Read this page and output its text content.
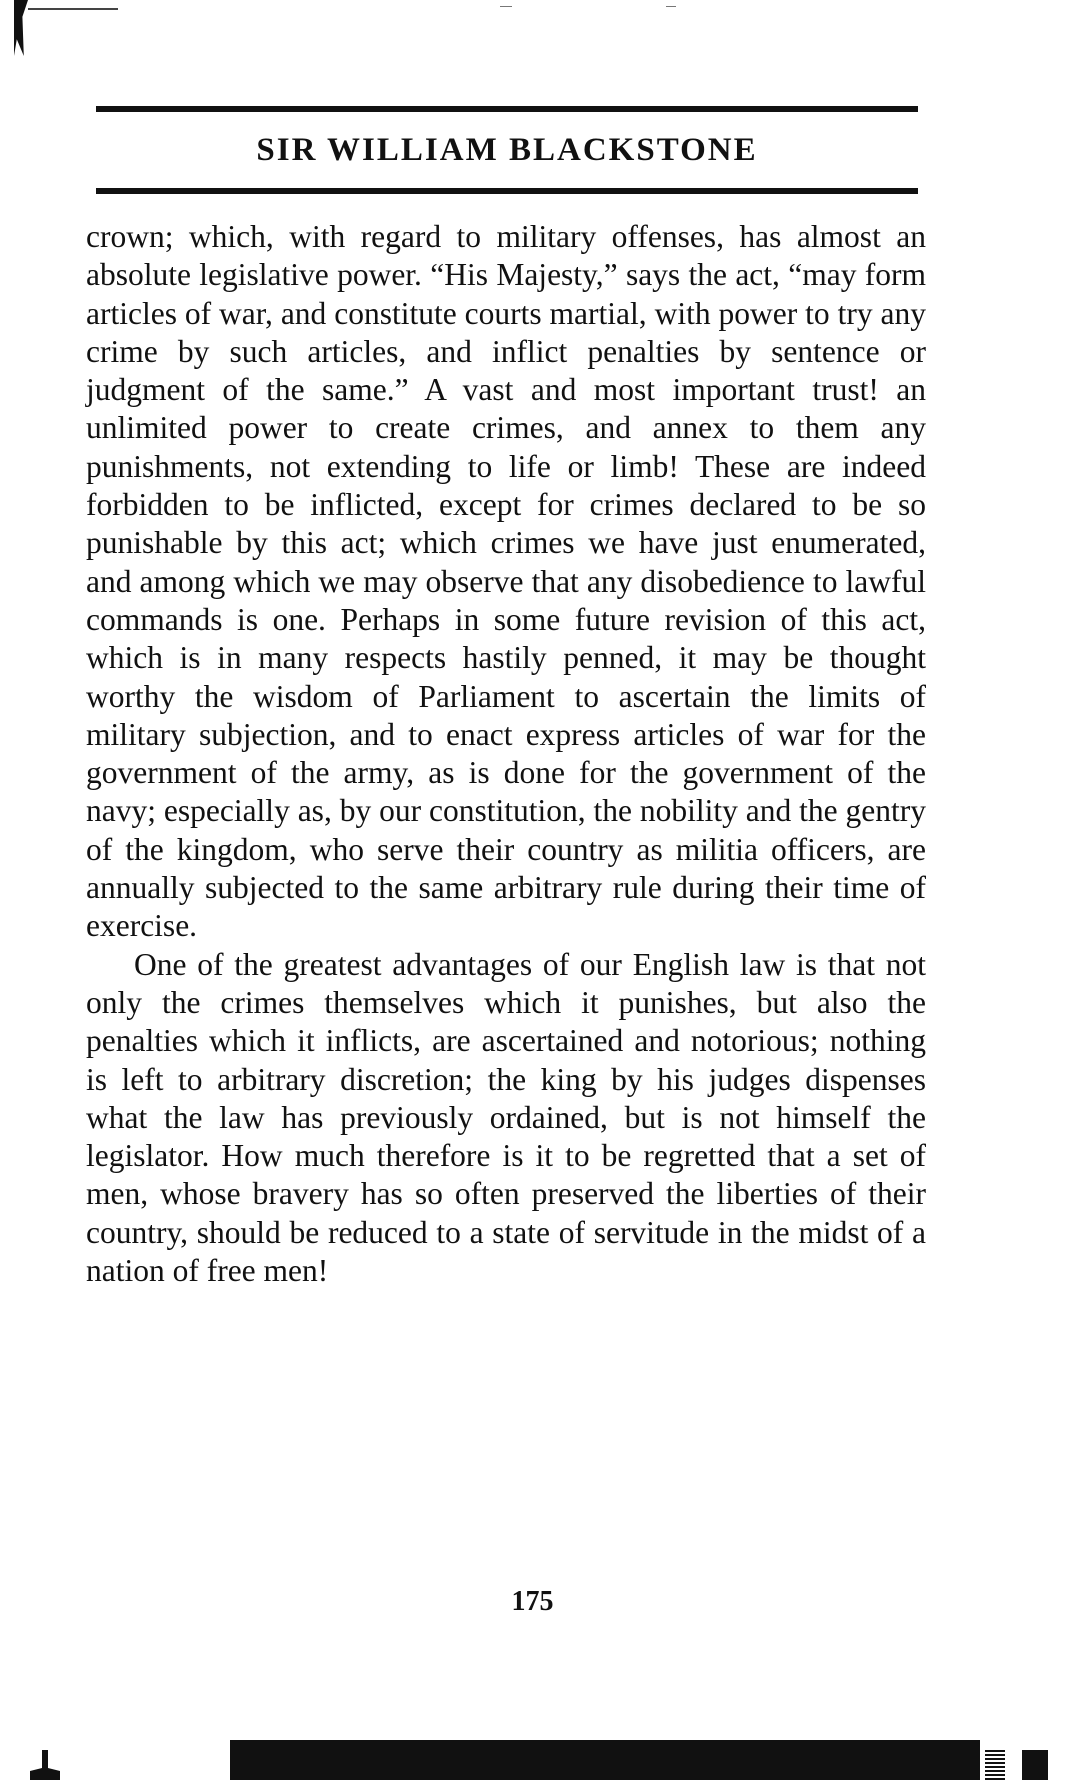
SIR WILLIAM BLACKSTONE

crown; which, with regard to military offenses, has almost an absolute legislative power. “His Majesty,” says the act, “may form articles of war, and constitute courts martial, with power to try any crime by such articles, and inflict penalties by sentence or judgment of the same.” A vast and most important trust! an unlimited power to create crimes, and annex to them any punishments, not extending to life or limb! These are indeed forbidden to be inflicted, except for crimes declared to be so punishable by this act; which crimes we have just enumerated, and among which we may observe that any disobedience to lawful commands is one. Perhaps in some future revision of this act, which is in many respects hastily penned, it may be thought worthy the wisdom of Parliament to ascertain the limits of military subjection, and to enact express articles of war for the government of the army, as is done for the government of the navy; especially as, by our constitution, the nobility and the gentry of the kingdom, who serve their country as militia officers, are annually subjected to the same arbitrary rule during their time of exercise.

One of the greatest advantages of our English law is that not only the crimes themselves which it punishes, but also the penalties which it inflicts, are ascertained and notorious; nothing is left to arbitrary discretion; the king by his judges dispenses what the law has previously ordained, but is not himself the legislator. How much therefore is it to be regretted that a set of men, whose bravery has so often preserved the liberties of their country, should be reduced to a state of servitude in the midst of a nation of free men!

175
